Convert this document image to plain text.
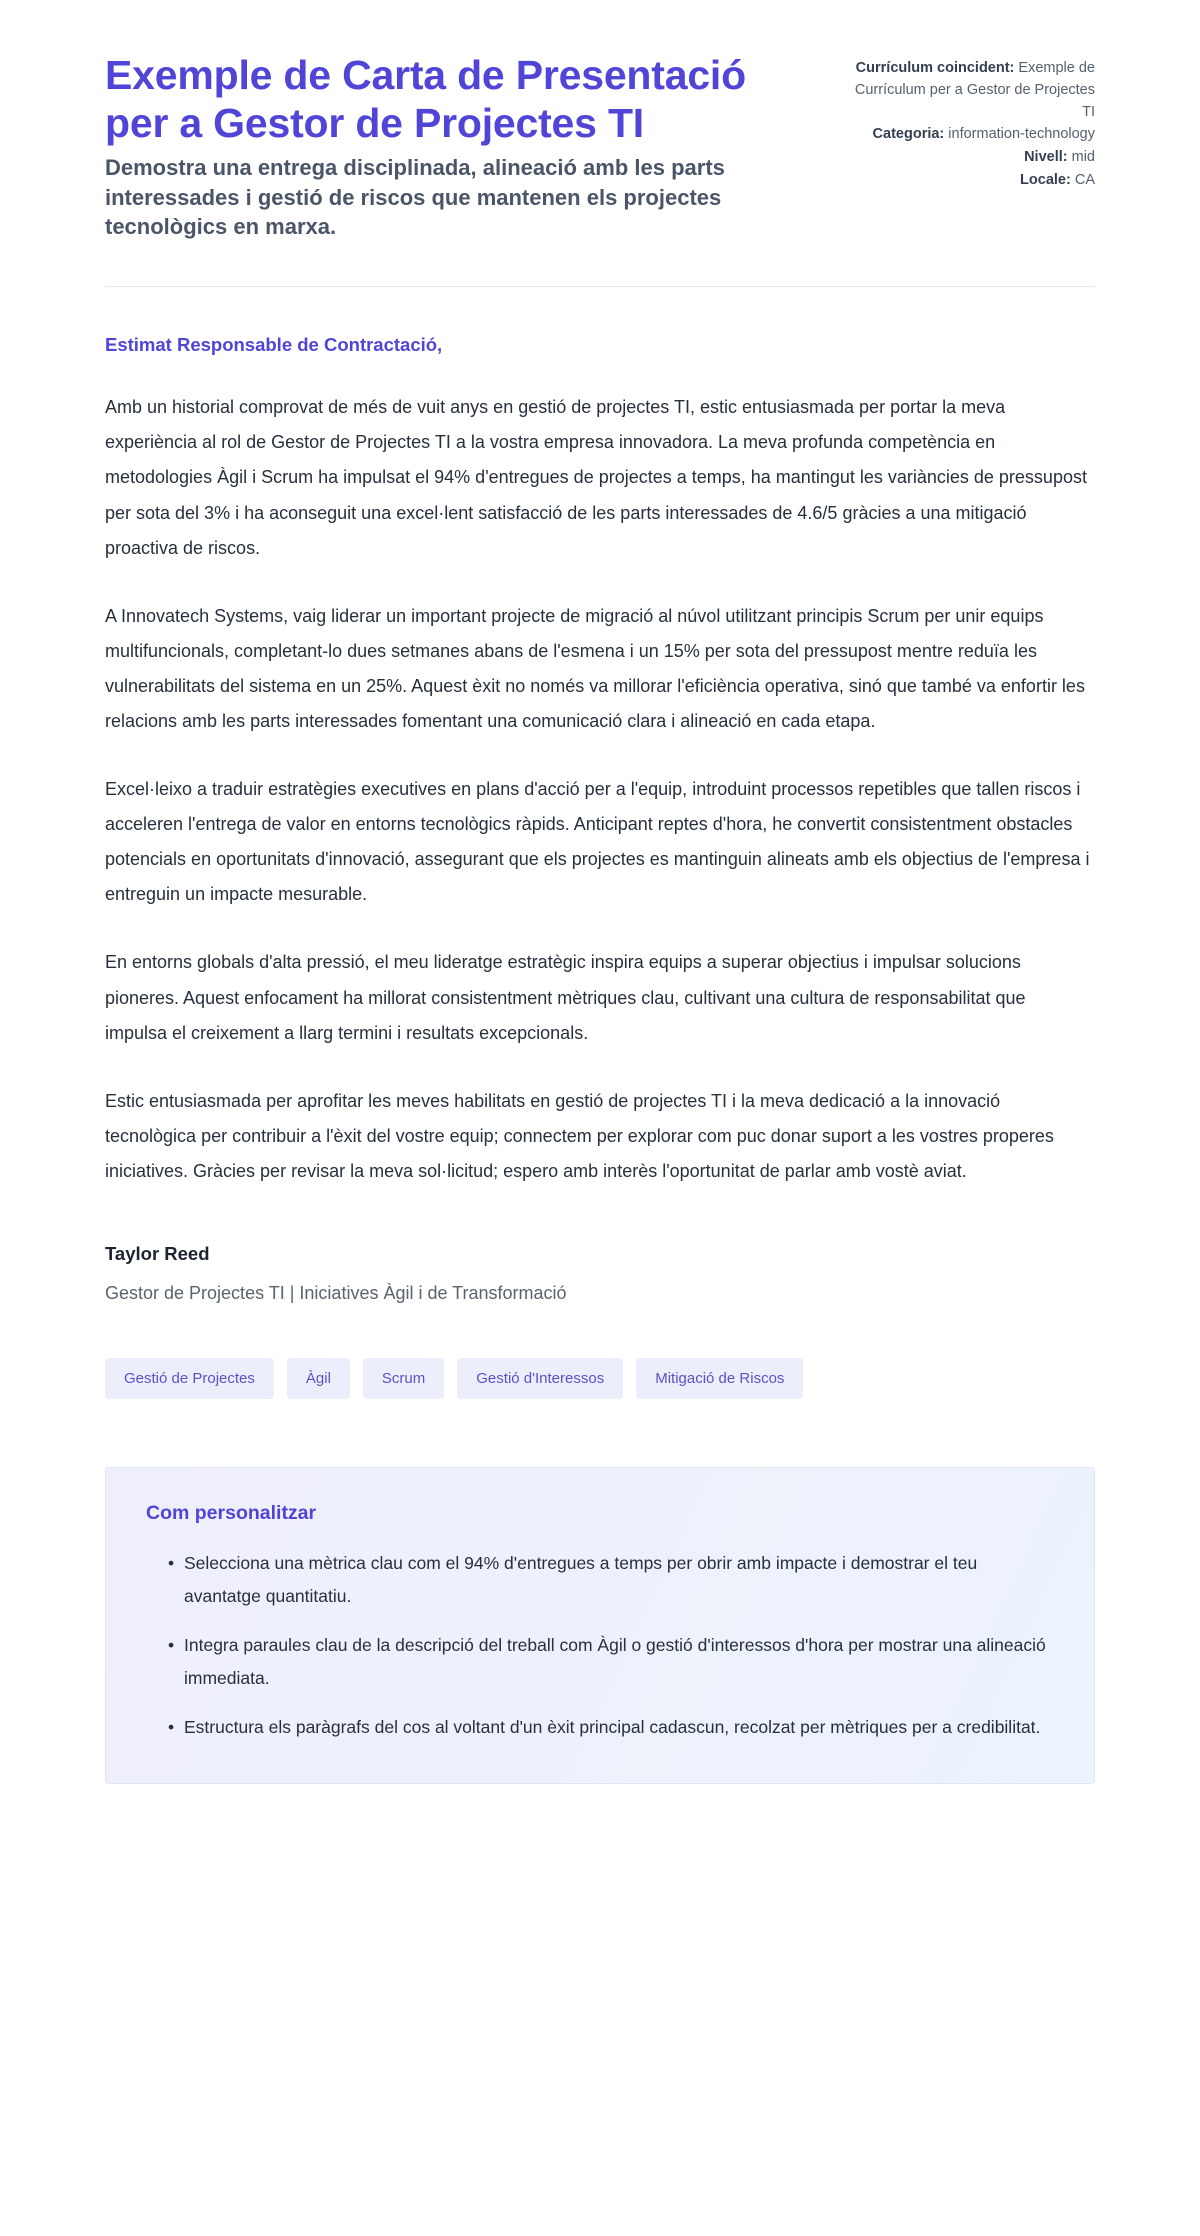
Exemple de Carta de Presentació per a Gestor de Projectes TI

Demostra una entrega disciplinada, alineació amb les parts interessades i gestió de riscos que mantenen els projectes tecnològics en marxa.

Currículum coincident: Exemple de Currículum per a Gestor de Projectes TI
Categoria: information-technology
Nivell: mid
Locale: CA

Estimat Responsable de Contractació,

Amb un historial comprovat de més de vuit anys en gestió de projectes TI, estic entusiasmada per portar la meva experiència al rol de Gestor de Projectes TI a la vostra empresa innovadora. La meva profunda competència en metodologies Àgil i Scrum ha impulsat el 94% d'entregues de projectes a temps, ha mantingut les variàncies de pressupost per sota del 3% i ha aconseguit una excel·lent satisfacció de les parts interessades de 4.6/5 gràcies a una mitigació proactiva de riscos.

A Innovatech Systems, vaig liderar un important projecte de migració al núvol utilitzant principis Scrum per unir equips multifuncionals, completant-lo dues setmanes abans de l'esmena i un 15% per sota del pressupost mentre reduïa les vulnerabilitats del sistema en un 25%. Aquest èxit no només va millorar l'eficiència operativa, sinó que també va enfortir les relacions amb les parts interessades fomentant una comunicació clara i alineació en cada etapa.

Excel·leixo a traduir estratègies executives en plans d'acció per a l'equip, introduint processos repetibles que tallen riscos i acceleren l'entrega de valor en entorns tecnològics ràpids. Anticipant reptes d'hora, he convertit consistentment obstacles potencials en oportunitats d'innovació, assegurant que els projectes es mantinguin alineats amb els objectius de l'empresa i entreguin un impacte mesurable.

En entorns globals d'alta pressió, el meu lideratge estratègic inspira equips a superar objectius i impulsar solucions pioneres. Aquest enfocament ha millorat consistentment mètriques clau, cultivant una cultura de responsabilitat que impulsa el creixement a llarg termini i resultats excepcionals.

Estic entusiasmada per aprofitar les meves habilitats en gestió de projectes TI i la meva dedicació a la innovació tecnològica per contribuir a l'èxit del vostre equip; connectem per explorar com puc donar suport a les vostres properes iniciatives. Gràcies per revisar la meva sol·licitud; espero amb interès l'oportunitat de parlar amb vostè aviat.

Taylor Reed
Gestor de Projectes TI | Iniciatives Àgil i de Transformació
Gestió de Projectes	Àgil	Scrum	Gestió d'Interessos	Mitigació de Riscos
Com personalitzar
• Selecciona una mètrica clau com el 94% d'entregues a temps per obrir amb impacte i demostrar el teu avantatge quantitatiu.
• Integra paraules clau de la descripció del treball com Àgil o gestió d'interessos d'hora per mostrar una alineació immediata.
• Estructura els paràgrafs del cos al voltant d'un èxit principal cadascun, recolzat per mètriques per a credibilitat.
